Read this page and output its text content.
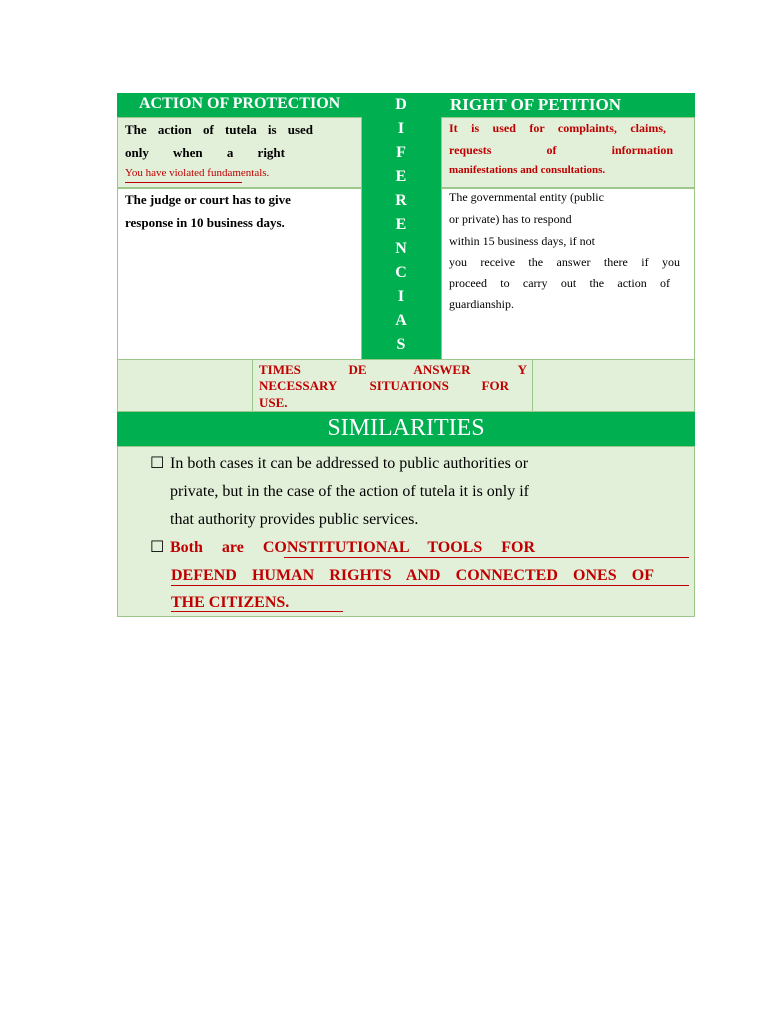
ACTION OF PROTECTION	RIGHT OF PETITION
D
I
F
E
R
E
N
C
I
A
S
The action of tutela is used
only when a right
You have violated fundamentals.
It is used for complaints, claims,
requests of information
manifestations and consultations.
The judge or court has to give
response in 10 business days.
The governmental entity (public
or private) has to respond
within 15 business days, if not
you receive the answer there if you
proceed to carry out the action of
guardianship.
TIMES DE ANSWER Y
NECESSARY SITUATIONS FOR
USE.
SIMILARITIES
☐ In both cases it can be addressed to public authorities or
private, but in the case of the action of tutela it is only if
that authority provides public services.
☐ Both are CONSTITUTIONAL TOOLS FOR
DEFEND HUMAN RIGHTS AND CONNECTED ONES OF
THE CITIZENS.
